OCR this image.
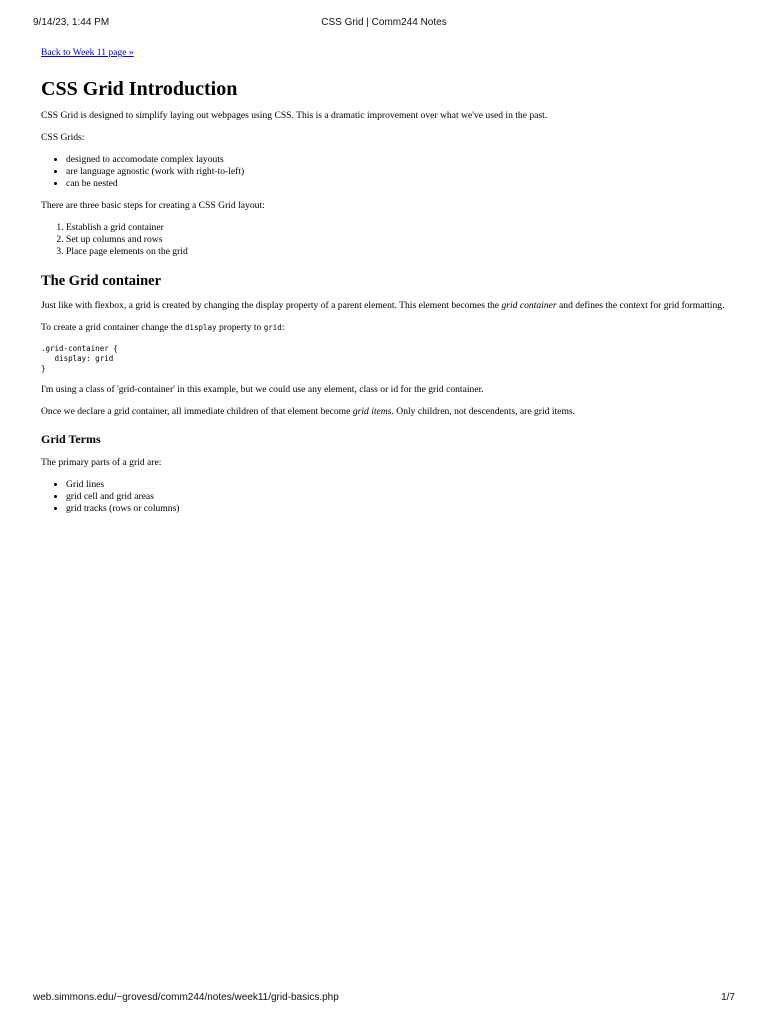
9/14/23, 1:44 PM	CSS Grid | Comm244 Notes
Back to Week 11 page »
CSS Grid Introduction

CSS Grid is designed to simplify laying out webpages using CSS. This is a dramatic improvement over what we've used in the past.

CSS Grids:

• designed to accomodate complex layouts
• are language agnostic (work with right-to-left)
• can be nested

There are three basic steps for creating a CSS Grid layout:

1. Establish a grid container
2. Set up columns and rows
3. Place page elements on the grid
The Grid container

Just like with flexbox, a grid is created by changing the display property of a parent element. This element becomes the grid container and defines the context for grid formatting.

To create a grid container change the display property to grid:

.grid-container {
display: grid
}

I'm using a class of 'grid-container' in this example, but we could use any element, class or id for the grid container.

Once we declare a grid container, all immediate children of that element become grid items. Only children, not descendents, are grid items.

Grid Terms

The primary parts of a grid are:

• Grid lines
• grid cell and grid areas
• grid tracks (rows or columns)
web.simmons.edu/~grovesd/comm244/notes/week11/grid-basics.php	1/7
